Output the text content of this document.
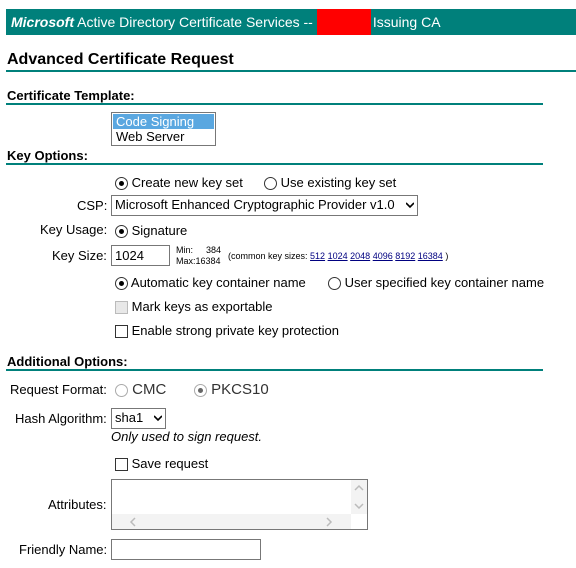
Microsoft Active Directory Certificate Services --	Issuing CA
Advanced Certificate Request
Certificate Template:
Code Signing
Web Server
Key Options:
Create new key set	Use existing key set
CSP: Microsoft Enhanced Cryptographic Provider v1.0
Key Usage:	Signature
Key Size: 1024	Min: 384
Max:16384 (common key sizes: 512 1024 2048 4096 8192 16384 )
Automatic key container name	User specified key container name
Mark keys as exportable
Enable strong private key protection
Additional Options:
Request Format:	CMC	PKCS10
Hash Algorithm: sha1
Only used to sign request.
Save request
Attributes:
Friendly Name:
